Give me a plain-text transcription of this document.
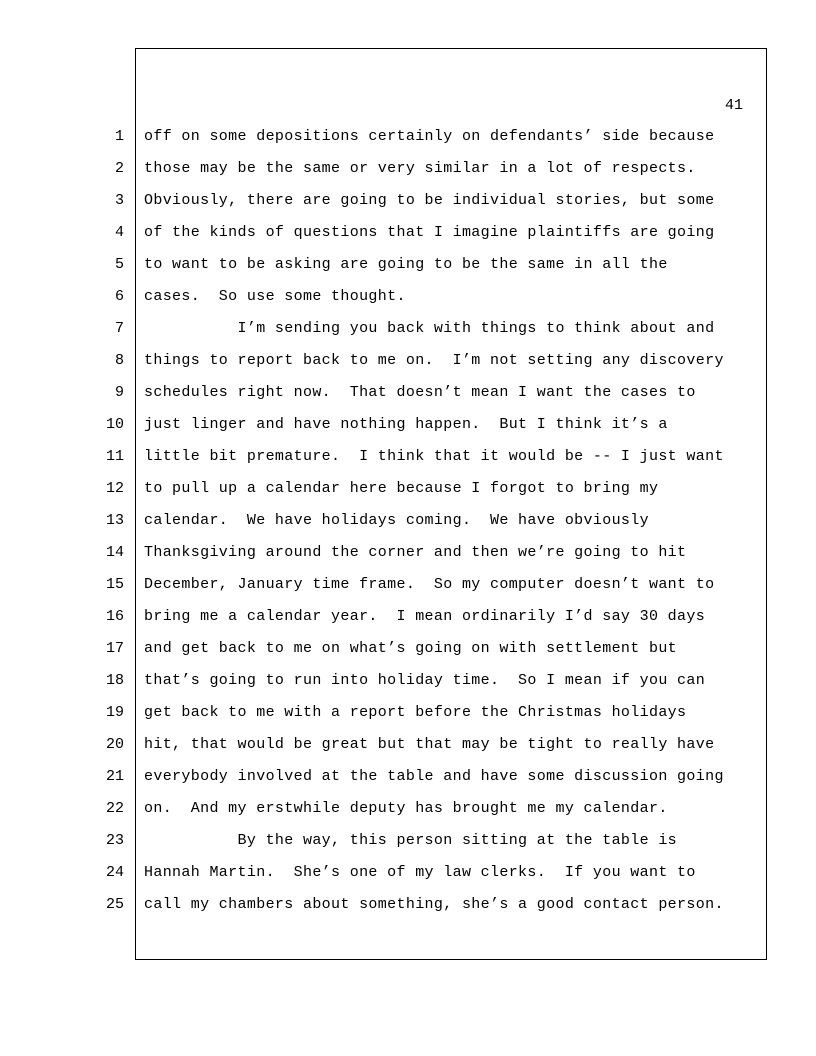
41
1 off on some depositions certainly on defendants’ side because
2 those may be the same or very similar in a lot of respects.
3 Obviously, there are going to be individual stories, but some
4 of the kinds of questions that I imagine plaintiffs are going
5 to want to be asking are going to be the same in all the
6 cases.  So use some thought.
7 I’m sending you back with things to think about and
8 things to report back to me on.  I’m not setting any discovery
9 schedules right now.  That doesn’t mean I want the cases to
10 just linger and have nothing happen.  But I think it’s a
11 little bit premature.  I think that it would be -- I just want
12 to pull up a calendar here because I forgot to bring my
13 calendar.  We have holidays coming.  We have obviously
14 Thanksgiving around the corner and then we’re going to hit
15 December, January time frame.  So my computer doesn’t want to
16 bring me a calendar year.  I mean ordinarily I’d say 30 days
17 and get back to me on what’s going on with settlement but
18 that’s going to run into holiday time.  So I mean if you can
19 get back to me with a report before the Christmas holidays
20 hit, that would be great but that may be tight to really have
21 everybody involved at the table and have some discussion going
22 on.  And my erstwhile deputy has brought me my calendar.
23 By the way, this person sitting at the table is
24 Hannah Martin.  She’s one of my law clerks.  If you want to
25 call my chambers about something, she’s a good contact person.
